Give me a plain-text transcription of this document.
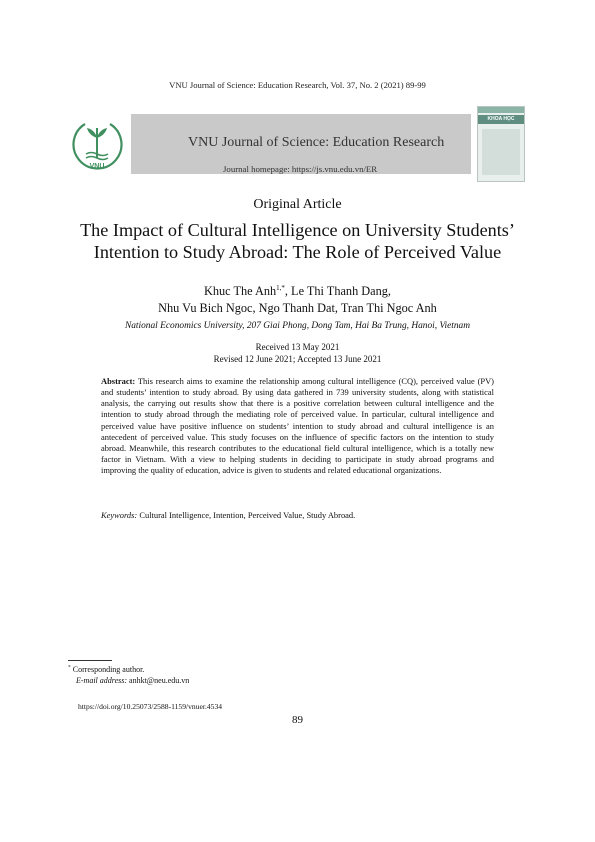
VNU Journal of Science: Education Research, Vol. 37, No. 2 (2021) 89-99
VNU
VNU Journal of Science: Education Research
Journal homepage: https://js.vnu.edu.vn/ER
KHOA HỌC
Original Article
The Impact of Cultural Intelligence on University Students’
Intention to Study Abroad: The Role of Perceived Value
Khuc The Anh$^{1,*}$, Le Thi Thanh Dang,
Nhu Vu Bich Ngoc, Ngo Thanh Dat, Tran Thi Ngoc Anh
National Economics University, 207 Giai Phong, Dong Tam, Hai Ba Trung, Hanoi, Vietnam
Received 13 May 2021
Revised 12 June 2021; Accepted 13 June 2021
Abstract: This research aims to examine the relationship among cultural intelligence (CQ), perceived value (PV) and students’ intention to study abroad. By using data gathered in 739 university students, along with statistical analysis, the carrying out results show that there is a positive correlation between cultural intelligence and the intention to study abroad through the mediating role of perceived value. In particular, cultural intelligence and perceived value have positive influence on students’ intention to study abroad and cultural intelligence is an antecedent of perceived value. This study focuses on the influence of specific factors on the intention to study abroad. Meanwhile, this research contributes to the educational field cultural intelligence, which is a totally new factor in Vietnam. With a view to helping students in deciding to participate in study abroad programs and improving the quality of education, advice is given to students and related educational organizations.
Keywords: Cultural Intelligence, Intention, Perceived Value, Study Abroad.
* Corresponding author.
E-mail address: anhkt@neu.edu.vn
https://doi.org/10.25073/2588-1159/vnuer.4534
89
